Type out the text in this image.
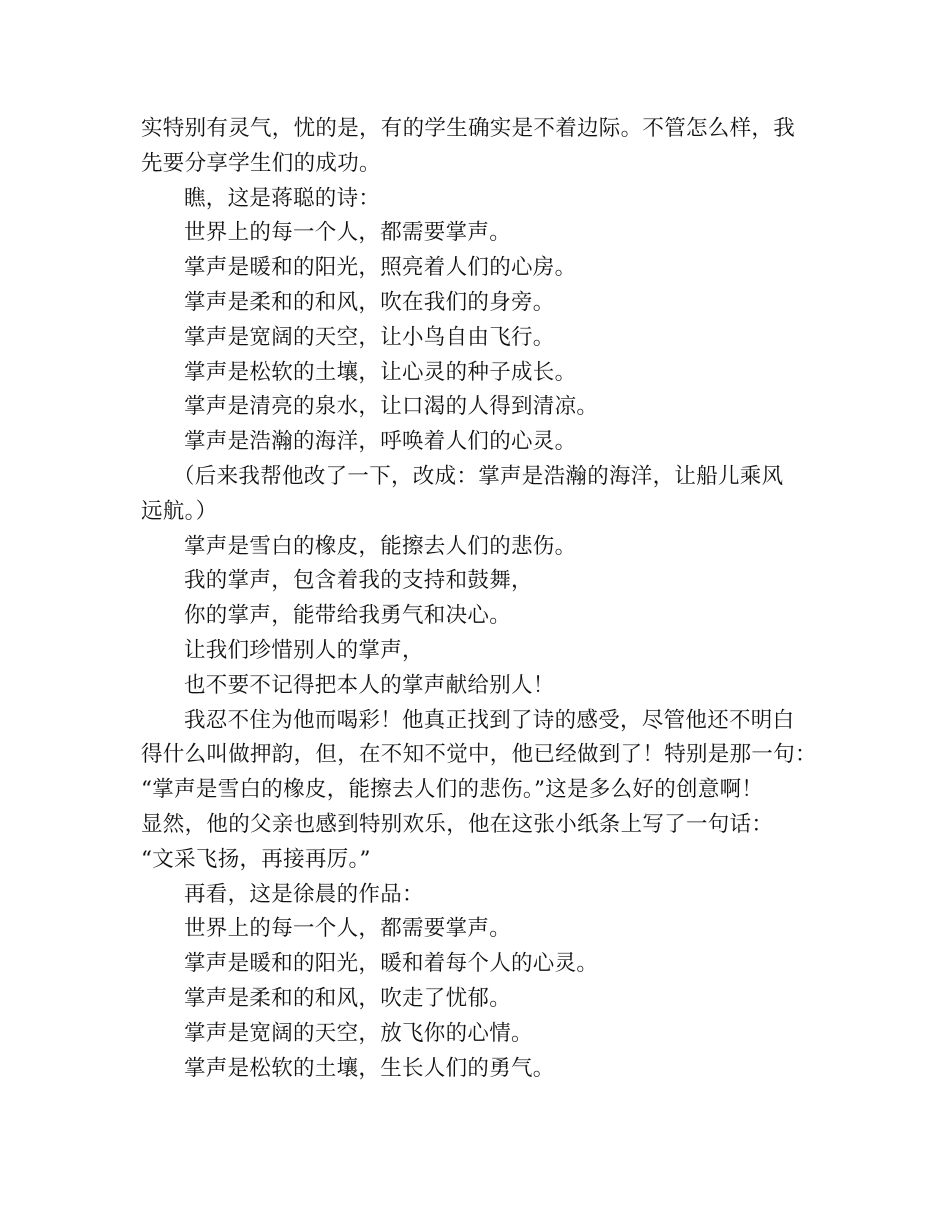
实特别有灵气，忧的是，有的学生确实是不着边际。不管怎么样，我
先要分享学生们的成功。
瞧，这是蒋聪的诗：
世界上的每一个人，都需要掌声。
掌声是暖和的阳光，照亮着人们的心房。
掌声是柔和的和风，吹在我们的身旁。
掌声是宽阔的天空，让小鸟自由飞行。
掌声是松软的土壤，让心灵的种子成长。
掌声是清亮的泉水，让口渴的人得到清凉。
掌声是浩瀚的海洋，呼唤着人们的心灵。
（后来我帮他改了一下，改成：掌声是浩瀚的海洋，让船儿乘风
远航。）
掌声是雪白的橡皮，能擦去人们的悲伤。
我的掌声，包含着我的支持和鼓舞，
你的掌声，能带给我勇气和决心。
让我们珍惜别人的掌声，
也不要不记得把本人的掌声献给别人！
我忍不住为他而喝彩！他真正找到了诗的感受，尽管他还不明白
得什么叫做押韵，但，在不知不觉中，他已经做到了！特别是那一句：
“掌声是雪白的橡皮，能擦去人们的悲伤。”这是多么好的创意啊！
显然，他的父亲也感到特别欢乐，他在这张小纸条上写了一句话：
“文采飞扬，再接再厉。”
再看，这是徐晨的作品：
世界上的每一个人，都需要掌声。
掌声是暖和的阳光，暖和着每个人的心灵。
掌声是柔和的和风，吹走了忧郁。
掌声是宽阔的天空，放飞你的心情。
掌声是松软的土壤，生长人们的勇气。
